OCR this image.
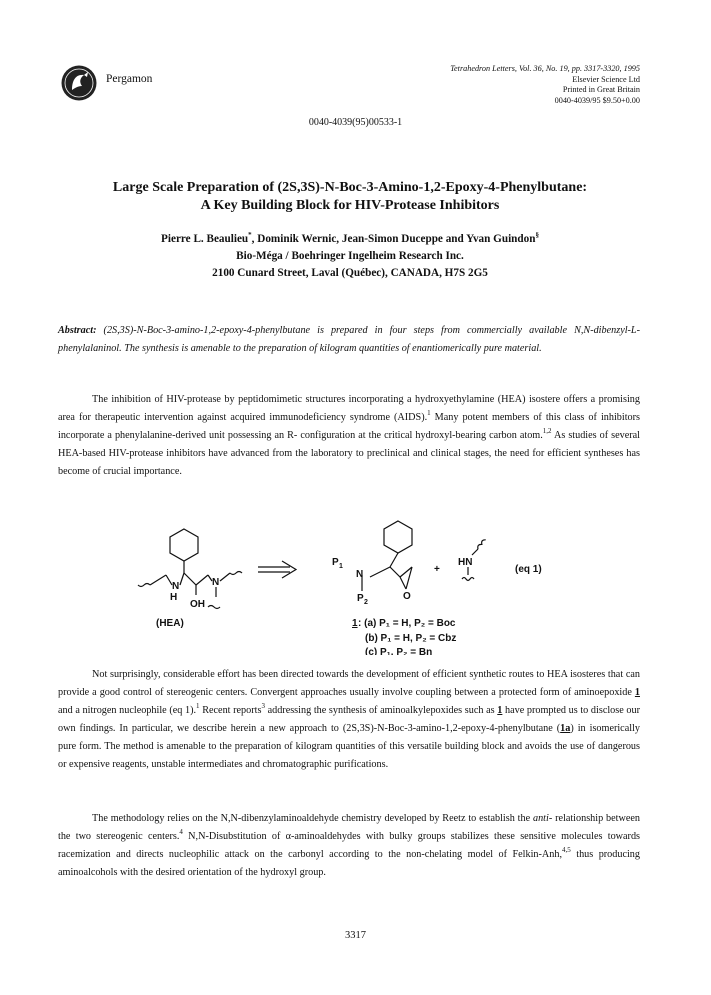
Pergamon
Tetrahedron Letters, Vol. 36, No. 19, pp. 3317-3320, 1995
Elsevier Science Ltd
Printed in Great Britain
0040-4039/95 $9.50+0.00
0040-4039(95)00533-1
Large Scale Preparation of (2S,3S)-N-Boc-3-Amino-1,2-Epoxy-4-Phenylbutane:
A Key Building Block for HIV-Protease Inhibitors
Pierre L. Beaulieu*, Dominik Wernic, Jean-Simon Duceppe and Yvan Guindon§
Bio-Méga / Boehringer Ingelheim Research Inc.
2100 Cunard Street, Laval (Québec), CANADA, H7S 2G5
Abstract: (2S,3S)-N-Boc-3-amino-1,2-epoxy-4-phenylbutane is prepared in four steps from commercially available N,N-dibenzyl-L-phenylalaninol. The synthesis is amenable to the preparation of kilogram quantities of enantiomerically pure material.

The inhibition of HIV-protease by peptidomimetic structures incorporating a hydroxyethylamine (HEA) isostere offers a promising area for therapeutic intervention against acquired immunodeficiency syndrome (AIDS).$^1$ Many potent members of this class of inhibitors incorporate a phenylalanine-derived unit possessing an R- configuration at the critical hydroxyl-bearing carbon atom.$^{1,2}$ As studies of several HEA-based HIV-protease inhibitors have advanced from the laboratory to preclinical and clinical stages, the need for efficient syntheses has become of crucial importance.

N
H
N
OH
(HEA)
P 1
N
P 2
O
+
HN
(eq 1)
1 : (a) P₁ = H, P₂ = Boc
(b) P₁ = H, P₂ = Cbz
(c) P₁, P₂ = Bn

Not surprisingly, considerable effort has been directed towards the development of efficient synthetic routes to HEA isosteres that can provide a good control of stereogenic centers. Convergent approaches usually involve coupling between a protected form of aminoepoxide 1 and a nitrogen nucleophile (eq 1).$^1$ Recent reports$^3$ addressing the synthesis of aminoalkylepoxides such as 1 have prompted us to disclose our own findings. In particular, we describe herein a new approach to (2S,3S)-N-Boc-3-amino-1,2-epoxy-4-phenylbutane (1a) in isomerically pure form. The method is amenable to the preparation of kilogram quantities of this versatile building block and avoids the use of dangerous or expensive reagents, unstable intermediates and chromatographic purifications.

The methodology relies on the N,N-dibenzylaminoaldehyde chemistry developed by Reetz to establish the anti- relationship between the two stereogenic centers.$^4$ N,N-Disubstitution of α-aminoaldehydes with bulky groups stabilizes these sensitive molecules towards racemization and directs nucleophilic attack on the carbonyl according to the non-chelating model of Felkin-Anh,$^{4,5}$ thus producing aminoalcohols with the desired orientation of the hydroxyl group.

3317
